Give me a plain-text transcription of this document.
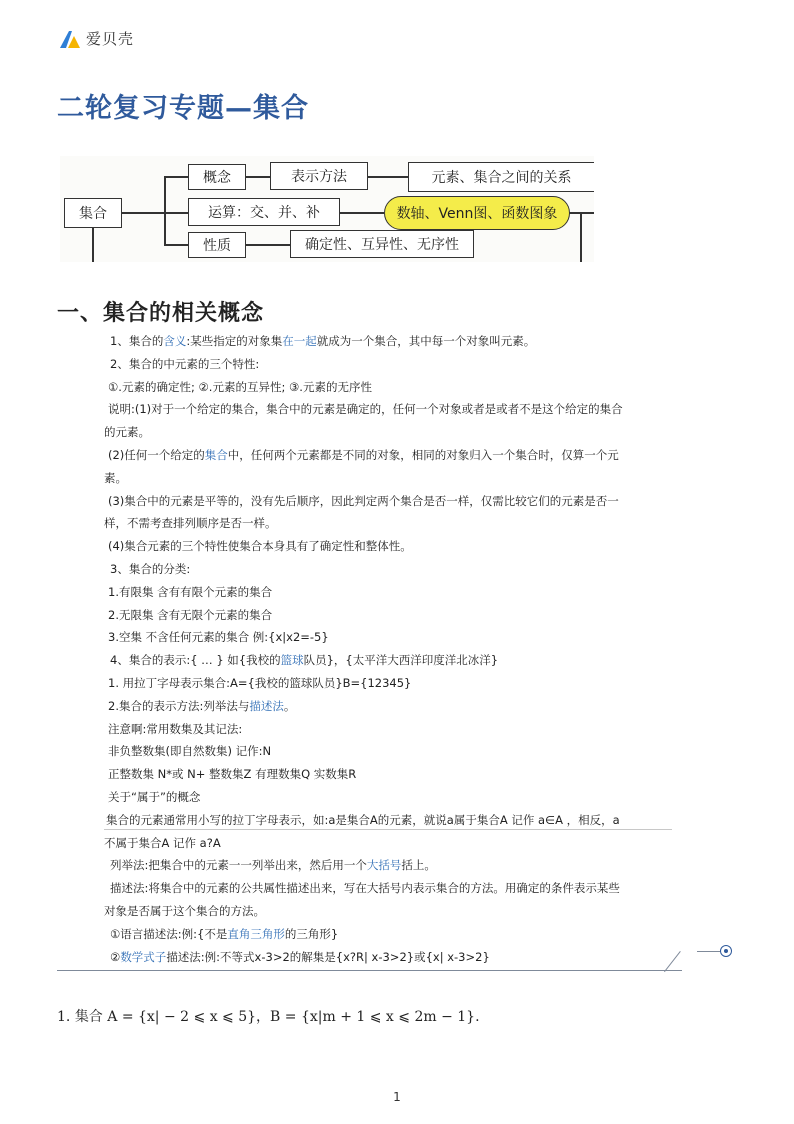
爱贝壳
二轮复习专题—集合
集合
概念	表示方法	元素、集合之间的关系
运算：交、并、补	数轴、Venn图、函数图象
性质	确定性、互异性、无序性
一、集合的相关概念
1、集合的含义:某些指定的对象集在一起就成为一个集合，其中每一个对象叫元素。
2、集合的中元素的三个特性:
①.元素的确定性; ②.元素的互异性; ③.元素的无序性
说明:(1)对于一个给定的集合，集合中的元素是确定的，任何一个对象或者是或者不是这个给定的集合
的元素。
(2)任何一个给定的集合中，任何两个元素都是不同的对象，相同的对象归入一个集合时，仅算一个元
素。
(3)集合中的元素是平等的，没有先后顺序，因此判定两个集合是否一样，仅需比较它们的元素是否一
样，不需考查排列顺序是否一样。
(4)集合元素的三个特性使集合本身具有了确定性和整体性。
3、集合的分类:
1.有限集 含有有限个元素的集合
2.无限集 含有无限个元素的集合
3.空集 不含任何元素的集合 例:{x|x2=-5}
4、集合的表示:{ … } 如{我校的篮球队员}，{太平洋大西洋印度洋北冰洋}
1. 用拉丁字母表示集合:A={我校的篮球队员}B={12345}
2.集合的表示方法:列举法与描述法。
注意啊:常用数集及其记法:
非负整数集(即自然数集) 记作:N
正整数集 N*或 N+ 整数集Z 有理数集Q 实数集R
关于“属于”的概念
集合的元素通常用小写的拉丁字母表示，如:a是集合A的元素，就说a属于集合A 记作 a∈A ，相反，a
不属于集合A 记作 a?A
列举法:把集合中的元素一一列举出来，然后用一个大括号括上。
描述法:将集合中的元素的公共属性描述出来，写在大括号内表示集合的方法。用确定的条件表示某些
对象是否属于这个集合的方法。
①语言描述法:例:{不是直角三角形的三角形}
②数学式子描述法:例:不等式x-3>2的解集是{x?R| x-3>2}或{x| x-3>2}
1. 集合 A = {x| − 2 ⩽ x ⩽ 5}，B = {x|m + 1 ⩽ x ⩽ 2m − 1}.
1
